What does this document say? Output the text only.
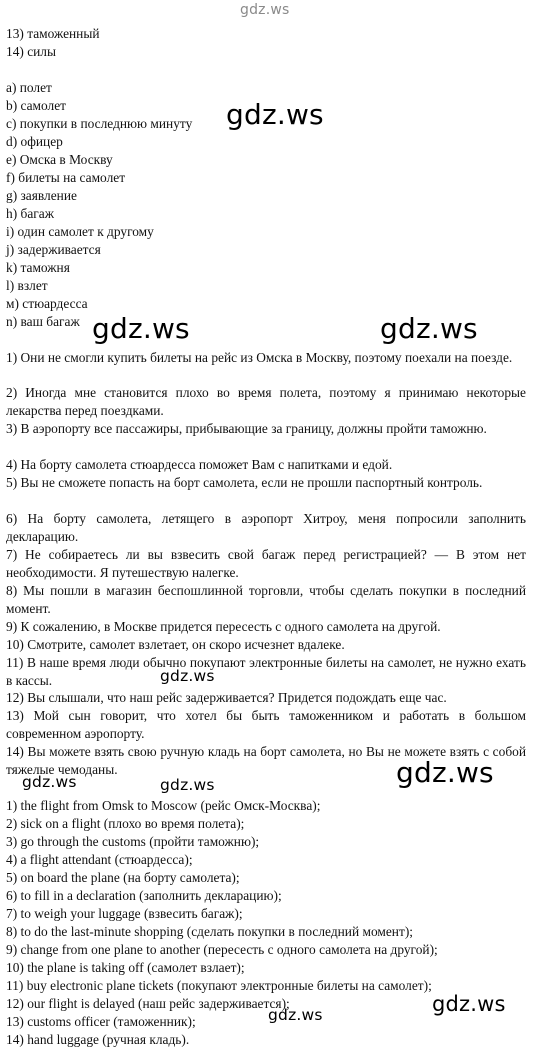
gdz.ws
13) таможенный
14) силы
a) полет
b) самолет
c) покупки в последнюю минуту
d) офицер
e) Омска в Москву
f) билеты на самолет
g) заявление
h) багаж
i) один самолет к другому
j) задерживается
k) таможня
l) взлет
м) стюардесса
n) ваш багаж
gdz.ws
gdz.ws	gdz.ws
1) Они не смогли купить билеты на рейс из Омска в Москву, поэтому поехали на поезде.
2) Иногда мне становится плохо во время полета, поэтому я принимаю некоторые лекарства перед поездками.
3) В аэропорту все пассажиры, прибывающие за границу, должны пройти таможню.
4) На борту самолета стюардесса поможет Вам с напитками и едой.
5) Вы не сможете попасть на борт самолета, если не прошли паспортный контроль.
6) На борту самолета, летящего в аэропорт Хитроу, меня попросили заполнить декларацию.
7) Не собираетесь ли вы взвесить свой багаж перед регистрацией? — В этом нет необходимости. Я путешествую налегке.
8) Мы пошли в магазин беспошлинной торговли, чтобы сделать покупки в последний момент.
9) К сожалению, в Москве придется пересесть с одного самолета на другой.
10) Смотрите, самолет взлетает, он скоро исчезнет вдалеке.
11) В наше время люди обычно покупают электронные билеты на самолет, не нужно ехать в кассы.
12) Вы слышали, что наш рейс задерживается? Придется подождать еще час.
13) Мой сын говорит, что хотел бы быть таможенником и работать в большом современном аэропорту.
14) Вы можете взять свою ручную кладь на борт самолета, но Вы не можете взять с собой тяжелые чемоданы.
gdz.ws
gdz.ws	gdz.ws	gdz.ws
1) the flight from Omsk to Moscow (рейс Омск-Москва);
2) sick on a flight (плохо во время полета);
3) go through the customs (пройти таможню);
4) a flight attendant (стюардесса);
5) on board the plane (на борту самолета);
6) to fill in a declaration (заполнить декларацию);
7) to weigh your luggage (взвесить багаж);
8) to do the last-minute shopping (сделать покупки в последний момент);
9) change from one plane to another (пересесть с одного самолета на другой);
10) the plane is taking off (самолет взлает);
11) buy electronic plane tickets (покупают электронные билеты на самолет);
12) our flight is delayed (наш рейс задерживается);
13) customs officer (таможенник);
14) hand luggage (ручная кладь).
gdz.ws	gdz.ws
